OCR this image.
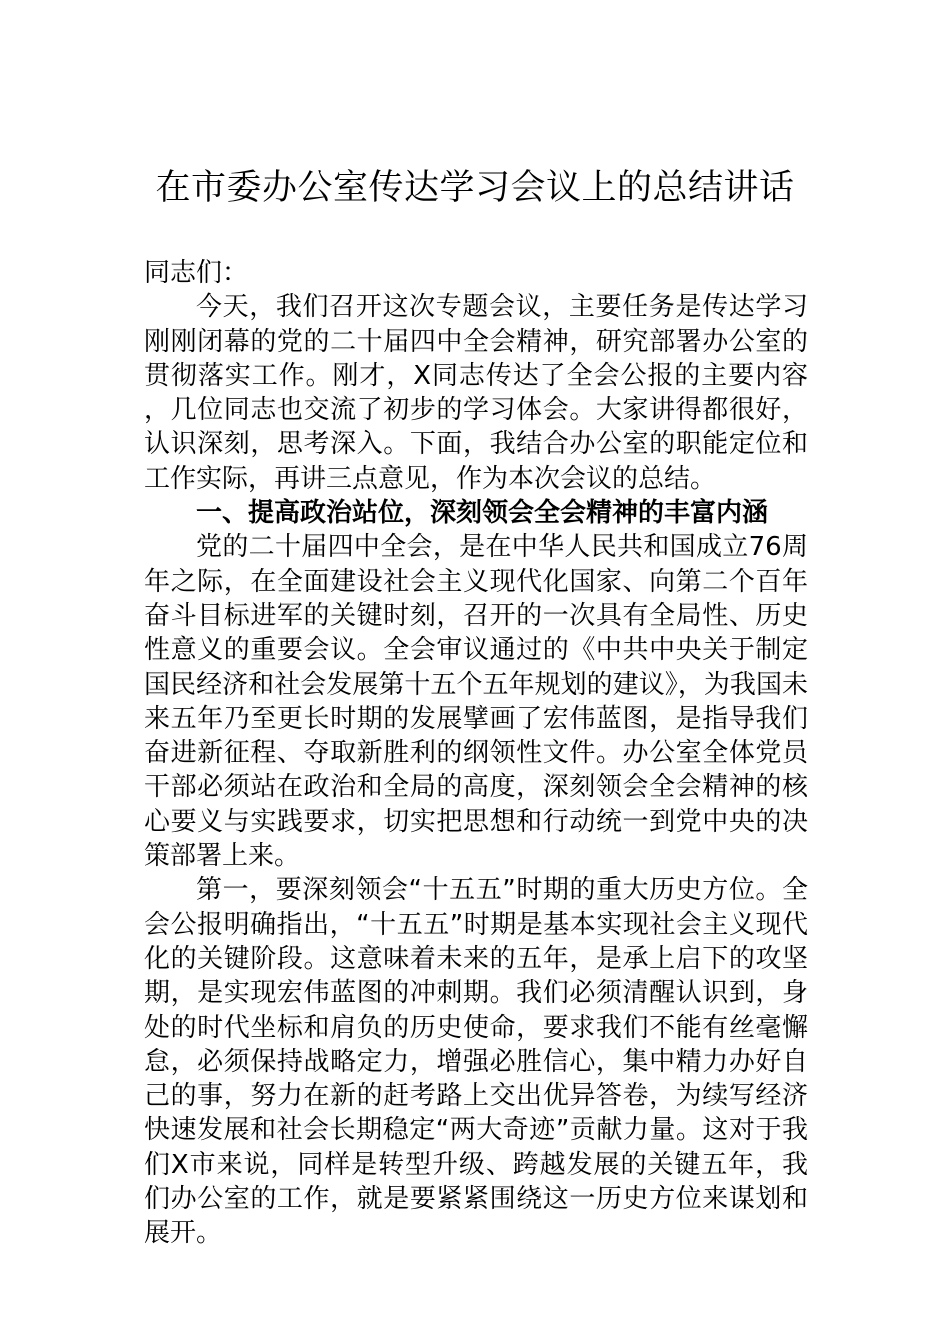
在市委办公室传达学习会议上的总结讲话

同志们：

今天，我们召开这次专题会议，主要任务是传达学习刚刚闭幕的党的二十届四中全会精神，研究部署办公室的贯彻落实工作。刚才，X同志传达了全会公报的主要内容，几位同志也交流了初步的学习体会。大家讲得都很好，认识深刻，思考深入。下面，我结合办公室的职能定位和工作实际，再讲三点意见，作为本次会议的总结。

一、提高政治站位，深刻领会全会精神的丰富内涵

党的二十届四中全会，是在中华人民共和国成立76周年之际，在全面建设社会主义现代化国家、向第二个百年奋斗目标进军的关键时刻，召开的一次具有全局性、历史性意义的重要会议。全会审议通过的《中共中央关于制定国民经济和社会发展第十五个五年规划的建议》，为我国未来五年乃至更长时期的发展擘画了宏伟蓝图，是指导我们奋进新征程、夺取新胜利的纲领性文件。办公室全体党员干部必须站在政治和全局的高度，深刻领会全会精神的核心要义与实践要求，切实把思想和行动统一到党中央的决策部署上来。

第一，要深刻领会“十五五”时期的重大历史方位。全会公报明确指出，“十五五”时期是基本实现社会主义现代化的关键阶段。这意味着未来的五年，是承上启下的攻坚期，是实现宏伟蓝图的冲刺期。我们必须清醒认识到，身处的时代坐标和肩负的历史使命，要求我们不能有丝毫懈怠，必须保持战略定力，增强必胜信心，集中精力办好自己的事，努力在新的赶考路上交出优异答卷，为续写经济快速发展和社会长期稳定“两大奇迹”贡献力量。这对于我们X市来说，同样是转型升级、跨越发展的关键五年，我们办公室的工作，就是要紧紧围绕这一历史方位来谋划和展开。
